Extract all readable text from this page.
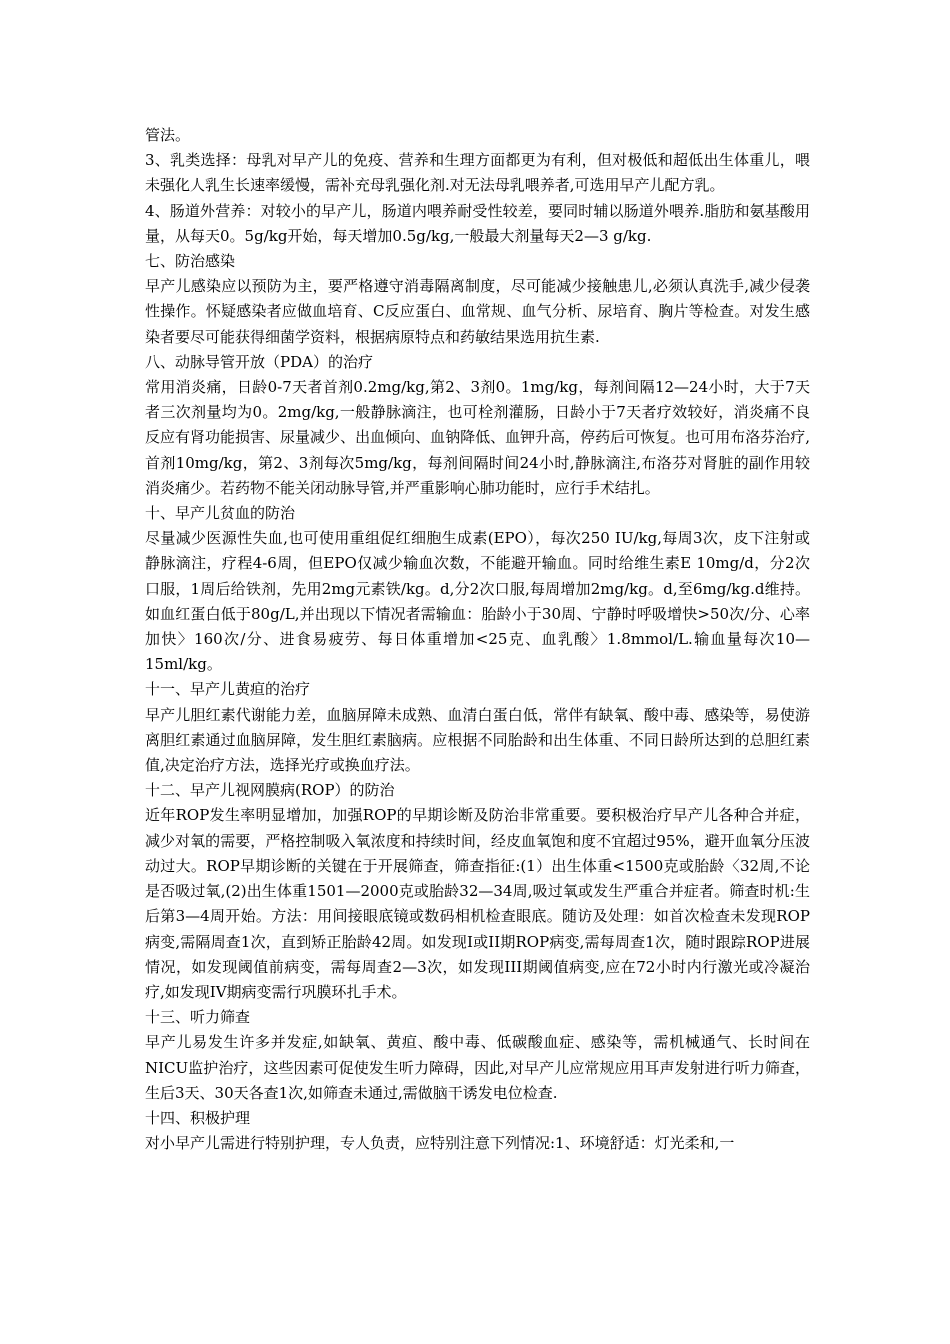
管法。

3、乳类选择：母乳对早产儿的免疫、营养和生理方面都更为有利，但对极低和超低出生体重儿，喂未强化人乳生长速率缓慢，需补充母乳强化剂.对无法母乳喂养者,可选用早产儿配方乳。

4、肠道外营养：对较小的早产儿，肠道内喂养耐受性较差，要同时辅以肠道外喂养.脂肪和氨基酸用量，从每天0。5g/kg开始，每天增加0.5g/kg,一般最大剂量每天2—3 g/kg.

七、防治感染

早产儿感染应以预防为主，要严格遵守消毒隔离制度，尽可能减少接触患儿,必须认真洗手,减少侵袭性操作。怀疑感染者应做血培育、C反应蛋白、血常规、血气分析、尿培育、胸片等检查。对发生感染者要尽可能获得细菌学资料，根据病原特点和药敏结果选用抗生素.

八、动脉导管开放（PDA）的治疗

常用消炎痛，日龄0-7天者首剂0.2mg/kg,第2、3剂0。1mg/kg，每剂间隔12—24小时，大于7天者三次剂量均为0。2mg/kg,一般静脉滴注，也可栓剂灌肠，日龄小于7天者疗效较好，消炎痛不良反应有肾功能损害、尿量减少、出血倾向、血钠降低、血钾升高，停药后可恢复。也可用布洛芬治疗,首剂10mg/kg，第2、3剂每次5mg/kg，每剂间隔时间24小时,静脉滴注,布洛芬对肾脏的副作用较消炎痛少。若药物不能关闭动脉导管,并严重影响心肺功能时，应行手术结扎。

十、早产儿贫血的防治

尽量减少医源性失血,也可使用重组促红细胞生成素(EPO），每次250 IU/kg,每周3次，皮下注射或静脉滴注，疗程4-6周，但EPO仅减少输血次数，不能避开输血。同时给维生素E 10mg/d，分2次口服，1周后给铁剂，先用2mg元素铁/kg。d,分2次口服,每周增加2mg/kg。d,至6mg/kg.d维持。如血红蛋白低于80g/L,并出现以下情况者需输血：胎龄小于30周、宁静时呼吸增快>50次/分、心率加快〉160次/分、进食易疲劳、每日体重增加<25克、血乳酸〉1.8mmol/L.输血量每次10—15ml/kg。

十一、早产儿黄疸的治疗

早产儿胆红素代谢能力差，血脑屏障未成熟、血清白蛋白低，常伴有缺氧、酸中毒、感染等，易使游离胆红素通过血脑屏障，发生胆红素脑病。应根据不同胎龄和出生体重、不同日龄所达到的总胆红素值,决定治疗方法，选择光疗或换血疗法。

十二、早产儿视网膜病(ROP）的防治

近年ROP发生率明显增加，加强ROP的早期诊断及防治非常重要。要积极治疗早产儿各种合并症，减少对氧的需要，严格控制吸入氧浓度和持续时间，经皮血氧饱和度不宜超过95%，避开血氧分压波动过大。ROP早期诊断的关键在于开展筛查，筛查指征:(1）出生体重<1500克或胎龄〈32周,不论是否吸过氧,(2)出生体重1501—2000克或胎龄32—34周,吸过氧或发生严重合并症者。筛查时机:生后第3—4周开始。方法：用间接眼底镜或数码相机检查眼底。随访及处理：如首次检查未发现ROP病变,需隔周查1次，直到矫正胎龄42周。如发现I或II期ROP病变,需每周查1次，随时跟踪ROP进展情况，如发现阈值前病变，需每周查2—3次，如发现III期阈值病变,应在72小时内行激光或冷凝治疗,如发现IV期病变需行巩膜环扎手术。

十三、听力筛查

早产儿易发生许多并发症,如缺氧、黄疸、酸中毒、低碳酸血症、感染等，需机械通气、长时间在NICU监护治疗，这些因素可促使发生听力障碍，因此,对早产儿应常规应用耳声发射进行听力筛查，生后3天、30天各查1次,如筛查未通过,需做脑干诱发电位检查.

十四、积极护理

对小早产儿需进行特别护理，专人负责，应特别注意下列情况:1、环境舒适：灯光柔和,一
